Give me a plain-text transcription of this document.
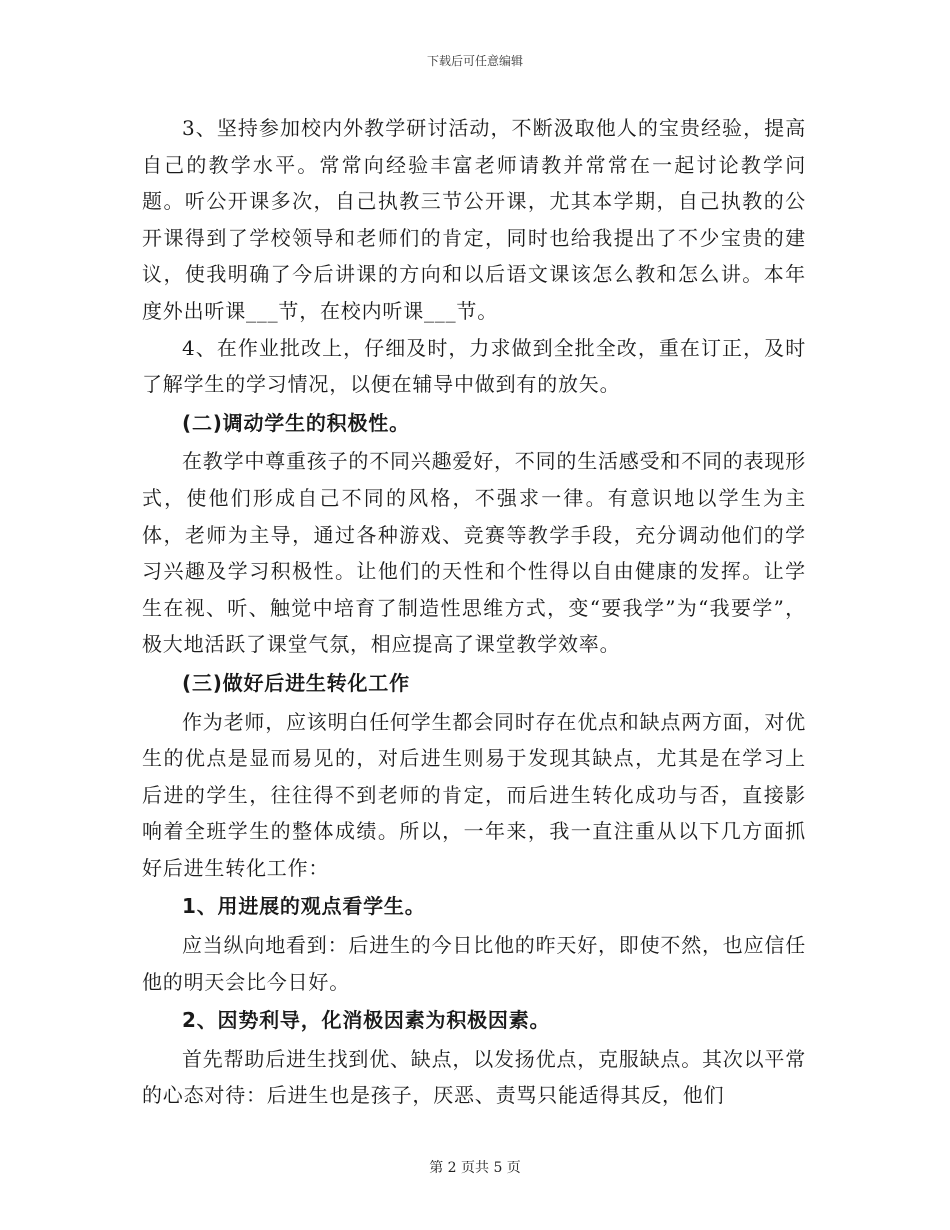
下载后可任意编辑

3、坚持参加校内外教学研讨活动，不断汲取他人的宝贵经验，提高自己的教学水平。常常向经验丰富老师请教并常常在一起讨论教学问题。听公开课多次，自己执教三节公开课，尤其本学期，自己执教的公开课得到了学校领导和老师们的肯定，同时也给我提出了不少宝贵的建议，使我明确了今后讲课的方向和以后语文课该怎么教和怎么讲。本年度外出听课___节，在校内听课___节。

4、在作业批改上，仔细及时，力求做到全批全改，重在订正，及时了解学生的学习情况，以便在辅导中做到有的放矢。

(二)调动学生的积极性。

在教学中尊重孩子的不同兴趣爱好，不同的生活感受和不同的表现形式，使他们形成自己不同的风格，不强求一律。有意识地以学生为主体，老师为主导，通过各种游戏、竞赛等教学手段，充分调动他们的学习兴趣及学习积极性。让他们的天性和个性得以自由健康的发挥。让学生在视、听、触觉中培育了制造性思维方式，变“要我学”为“我要学”，极大地活跃了课堂气氛，相应提高了课堂教学效率。

(三)做好后进生转化工作

作为老师，应该明白任何学生都会同时存在优点和缺点两方面，对优生的优点是显而易见的，对后进生则易于发现其缺点，尤其是在学习上后进的学生，往往得不到老师的肯定，而后进生转化成功与否，直接影响着全班学生的整体成绩。所以，一年来，我一直注重从以下几方面抓好后进生转化工作：

1、用进展的观点看学生。

应当纵向地看到：后进生的今日比他的昨天好，即使不然，也应信任他的明天会比今日好。

2、因势利导，化消极因素为积极因素。

首先帮助后进生找到优、缺点，以发扬优点，克服缺点。其次以平常的心态对待：后进生也是孩子，厌恶、责骂只能适得其反，他们

第 2 页共 5 页
